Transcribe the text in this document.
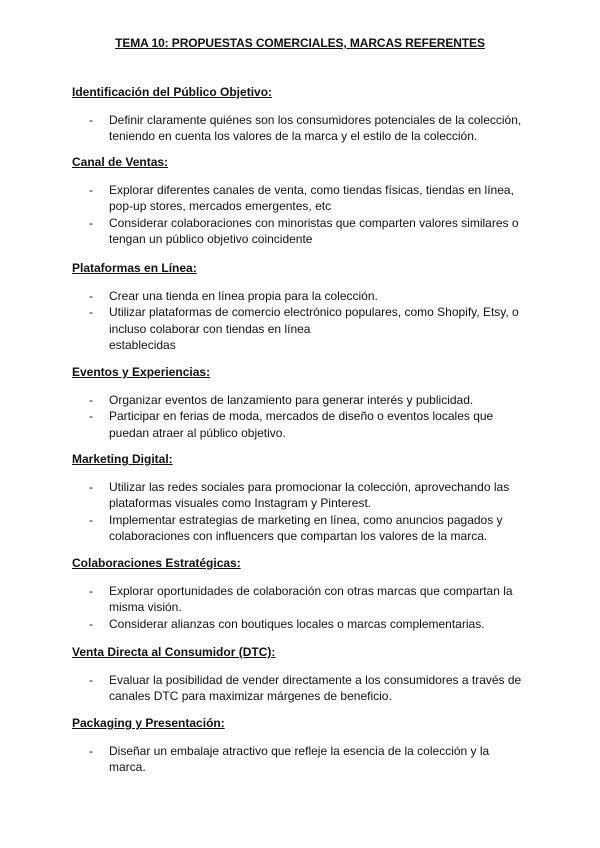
TEMA 10: PROPUESTAS COMERCIALES, MARCAS REFERENTES
Identificación del Público Objetivo:
- Definir claramente quiénes son los consumidores potenciales de la colección,
teniendo en cuenta los valores de la marca y el estilo de la colección.
Canal de Ventas:
- Explorar diferentes canales de venta, como tiendas físicas, tiendas en línea,
pop-up stores, mercados emergentes, etc
- Considerar colaboraciones con minoristas que comparten valores similares o
tengan un público objetivo coincidente
Plataformas en Línea:
- Crear una tienda en línea propia para la colección.
- Utilizar plataformas de comercio electrónico populares, como Shopify, Etsy, o
incluso colaborar con tiendas en línea
establecidas
Eventos y Experiencias:
- Organizar eventos de lanzamiento para generar interés y publicidad.
- Participar en ferias de moda, mercados de diseño o eventos locales que
puedan atraer al público objetivo.
Marketing Digital:
- Utilizar las redes sociales para promocionar la colección, aprovechando las
plataformas visuales como Instagram y Pinterest.
- Implementar estrategias de marketing en línea, como anuncios pagados y
colaboraciones con influencers que compartan los valores de la marca.
Colaboraciones Estratégicas:
- Explorar oportunidades de colaboración con otras marcas que compartan la
misma visión.
- Considerar alianzas con boutiques locales o marcas complementarias.
Venta Directa al Consumidor (DTC):
- Evaluar la posibilidad de vender directamente a los consumidores a través de
canales DTC para maximizar márgenes de beneficio.
Packaging y Presentación:
- Diseñar un embalaje atractivo que refleje la esencia de la colección y la
marca.
